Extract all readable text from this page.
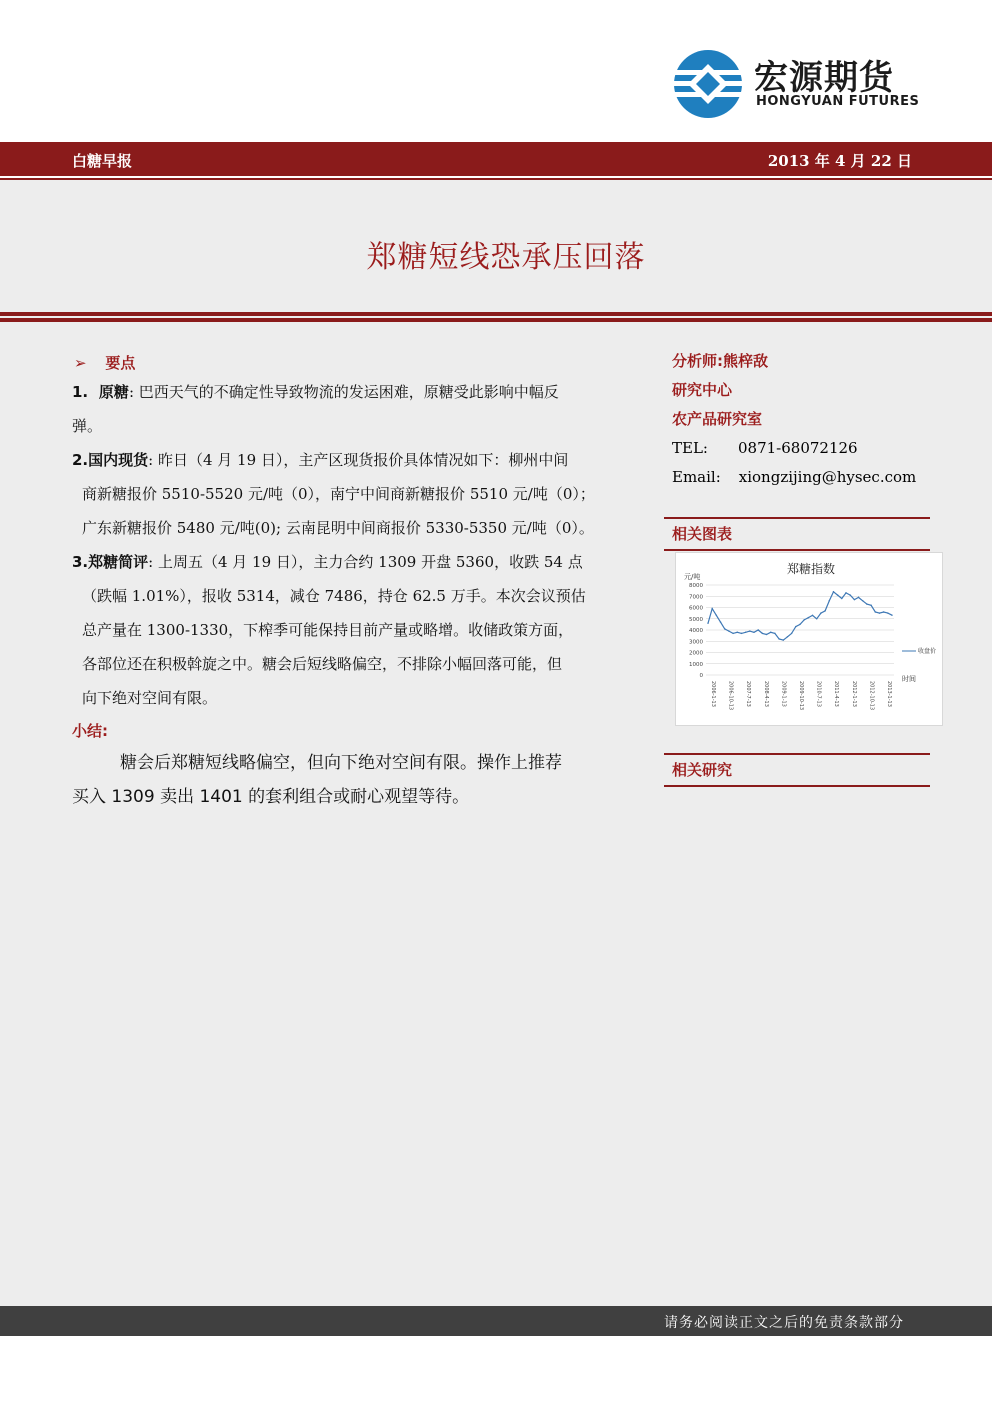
宏源期货
HONGYUAN FUTURES
白糖早报	2013 年 4 月 22 日
郑糖短线恐承压回落
➢ 要点
1. 原糖: 巴西天气的不确定性导致物流的发运困难，原糖受此影响中幅反
弹。
2.国内现货: 昨日（4 月 19 日），主产区现货报价具体情况如下：柳州中间
商新糖报价 5510-5520 元/吨（0），南宁中间商新糖报价 5510 元/吨（0）；
广东新糖报价 5480 元/吨(0); 云南昆明中间商报价 5330-5350 元/吨（0）。
3.郑糖简评: 上周五（4 月 19 日），主力合约 1309 开盘 5360，收跌 54 点
（跌幅 1.01%），报收 5314，减仓 7486，持仓 62.5 万手。本次会议预估
总产量在 1300-1330，下榨季可能保持目前产量或略增。收储政策方面，
各部位还在积极斡旋之中。糖会后短线略偏空，不排除小幅回落可能，但
向下绝对空间有限。
小结:
糖会后郑糖短线略偏空，但向下绝对空间有限。操作上推荐
买入 1309 卖出 1401 的套利组合或耐心观望等待。
分析师:熊梓敌
研究中心
农产品研究室
TEL: 0871-68072126
Email: xiongzijing@hysec.com
相关图表
郑糖指数
元/吨
8000
7000
6000
5000
4000
3000
2000
1000
0
2006-1-13 2006-10-13 2007-7-13 2008-4-13 2009-1-13 2009-10-13 2010-7-13 2011-4-13 2012-1-13 2012-10-13 2013-1-13
收盘价
时间
相关研究
请务必阅读正文之后的免责条款部分
